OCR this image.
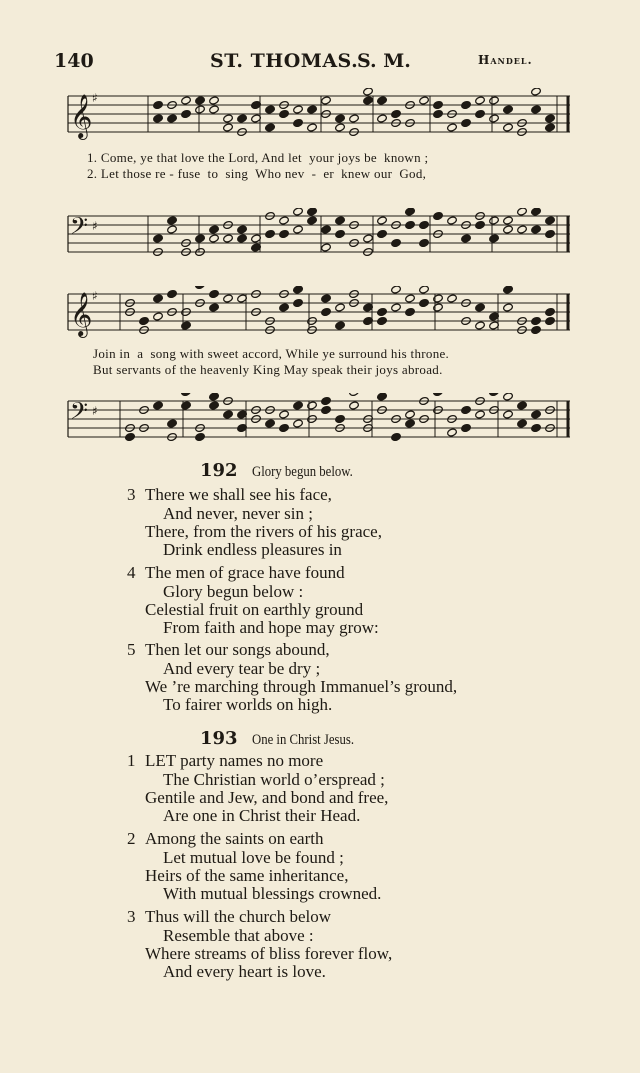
140	ST. THOMAS.
S. M.	Handel.
𝄞 ♯
1. Come, ye that love the Lord, And let  your joys be  known ;
2. Let those re - fuse  to  sing  Who nev  -  er  knew our  God,
𝄢 ♯
𝄞 ♯
Join in  a  song with sweet accord, While ye surround his throne.
But servants of the heavenly King May speak their joys abroad.
𝄢 ♯
192 Glory begun below.
3 There we shall see his face,
And never, never sin ;
There, from the rivers of his grace,
Drink endless pleasures in
4 The men of grace have found
Glory begun below :
Celestial fruit on earthly ground
From faith and hope may grow:
5 Then let our songs abound,
And every tear be dry ;
We ’re marching through Immanuel’s ground,
To fairer worlds on high.
193 One in Christ Jesus.
1 LET party names no more
The Christian world o’erspread ;
Gentile and Jew, and bond and free,
Are one in Christ their Head.
2 Among the saints on earth
Let mutual love be found ;
Heirs of the same inheritance,
With mutual blessings crowned.
3 Thus will the church below
Resemble that above :
Where streams of bliss forever flow,
And every heart is love.
